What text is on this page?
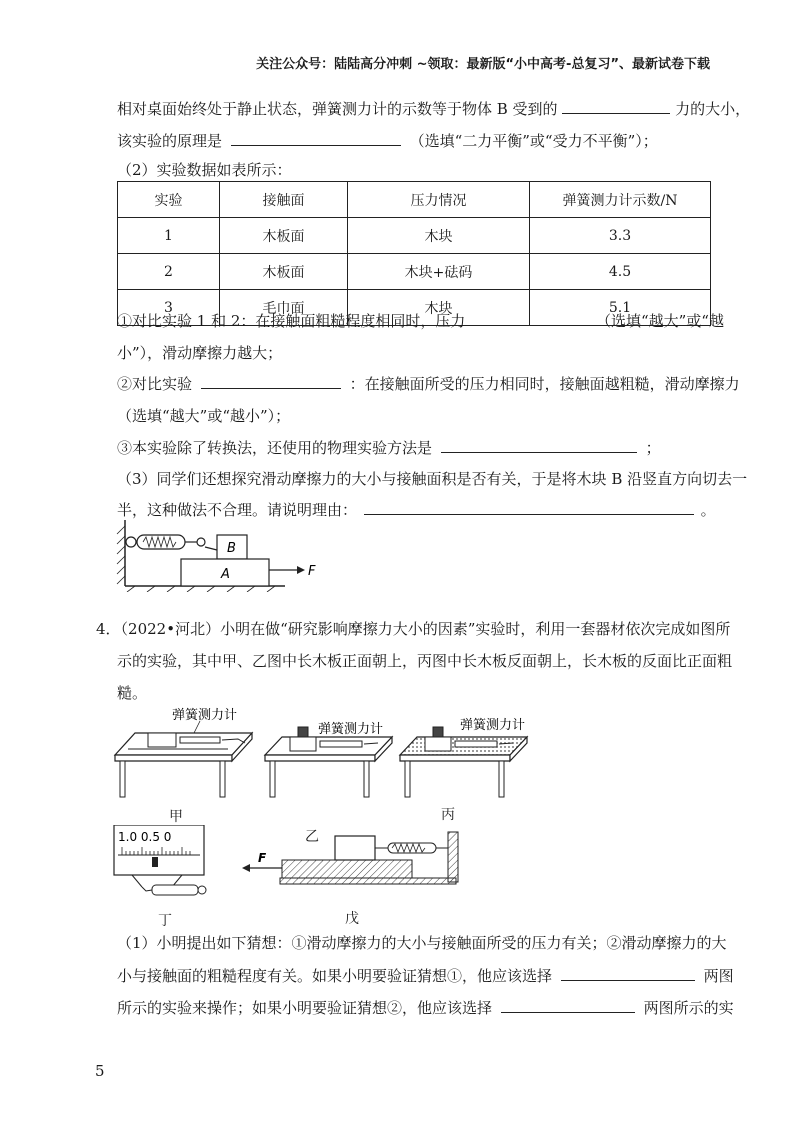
关注公众号：陆陆高分冲刺 ~领取：最新版“小中高考-总复习”、最新试卷下载
相对桌面始终处于静止状态，弹簧测力计的示数等于物体 B 受到的	力的大小，
该实验的原理是	（选填“二力平衡”或“受力不平衡”）；
（2）实验数据如表所示：
实验	接触面	压力情况	弹簧测力计示数/N
1	木板面	木块	3.3
2	木板面	木块+砝码	4.5
3	毛巾面	木块	5.1
①对比实验 1 和 2：在接触面粗糙程度相同时，压力	（选填“越大”或“越
小”），滑动摩擦力越大；
②对比实验	：在接触面所受的压力相同时，接触面越粗糙，滑动摩擦力
（选填“越大”或“越小”）；
③本实验除了转换法，还使用的物理实验方法是	；
（3）同学们还想探究滑动摩擦力的大小与接触面积是否有关，于是将木块 B 沿竖直方向切去一
半，这种做法不合理。请说明理由：	。
B
A	F
4．（2022•河北）小明在做“研究影响摩擦力大小的因素”实验时，利用一套器材依次完成如图所
示的实验，其中甲、乙图中长木板正面朝上，丙图中长木板反面朝上，长木板的反面比正面粗
糙。
弹簧测力计
甲
弹簧测力计
乙
弹簧测力计
丙
1.0 0.5 0
丁
F
戊
（1）小明提出如下猜想：①滑动摩擦力的大小与接触面所受的压力有关；②滑动摩擦力的大
小与接触面的粗糙程度有关。如果小明要验证猜想①，他应该选择	两图
所示的实验来操作；如果小明要验证猜想②，他应该选择	两图所示的实
5
